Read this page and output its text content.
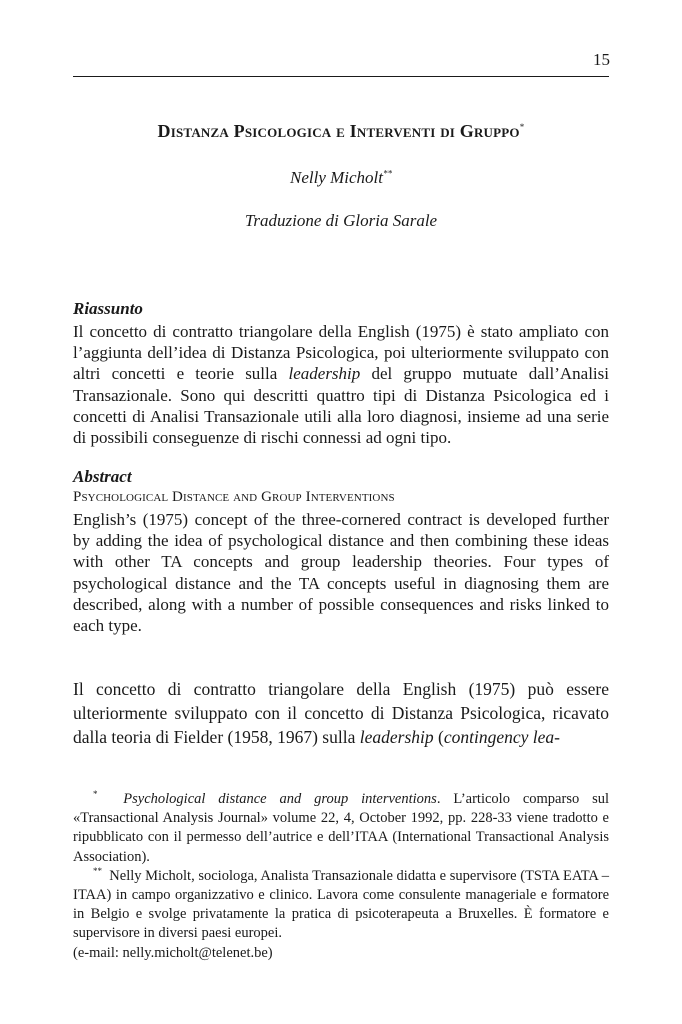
15
Distanza Psicologica e Interventi di Gruppo*
Nelly Micholt**
Traduzione di Gloria Sarale
Riassunto
Il concetto di contratto triangolare della English (1975) è stato ampliato con l’aggiunta dell’idea di Distanza Psicologica, poi ulteriormente sviluppato con altri concetti e teorie sulla leadership del gruppo mutuate dall’Analisi Transazionale. Sono qui descritti quattro tipi di Distanza Psicologica ed i concetti di Analisi Transazionale utili alla loro diagnosi, insieme ad una serie di possibili conseguenze di rischi connessi ad ogni tipo.
Abstract
Psychological Distance and Group Interventions
English’s (1975) concept of the three-cornered contract is developed further by adding the idea of psychological distance and then combining these ideas with other TA concepts and group leadership theories. Four types of psychological distance and the TA concepts useful in diagnosing them are described, along with a number of possible consequences and risks linked to each type.
Il concetto di contratto triangolare della English (1975) può essere ulteriormente sviluppato con il concetto di Distanza Psicologica, ricavato dalla teoria di Fielder (1958, 1967) sulla leadership (contingency lea-

* Psychological distance and group interventions. L’articolo comparso sul «Transactional Analysis Journal» volume 22, 4, October 1992, pp. 228-33 viene tradotto e ripubblicato con il permesso dell’autrice e dell’ITAA (International Transactional Analysis Association).

** Nelly Micholt, sociologa, Analista Transazionale didatta e supervisore (TSTA EATA – ITAA) in campo organizzativo e clinico. Lavora come consulente manageriale e formatore in Belgio e svolge privatamente la pratica di psicoterapeuta a Bruxelles. È formatore e supervisore in diversi paesi europei.

(e-mail: nelly.micholt@telenet.be)
